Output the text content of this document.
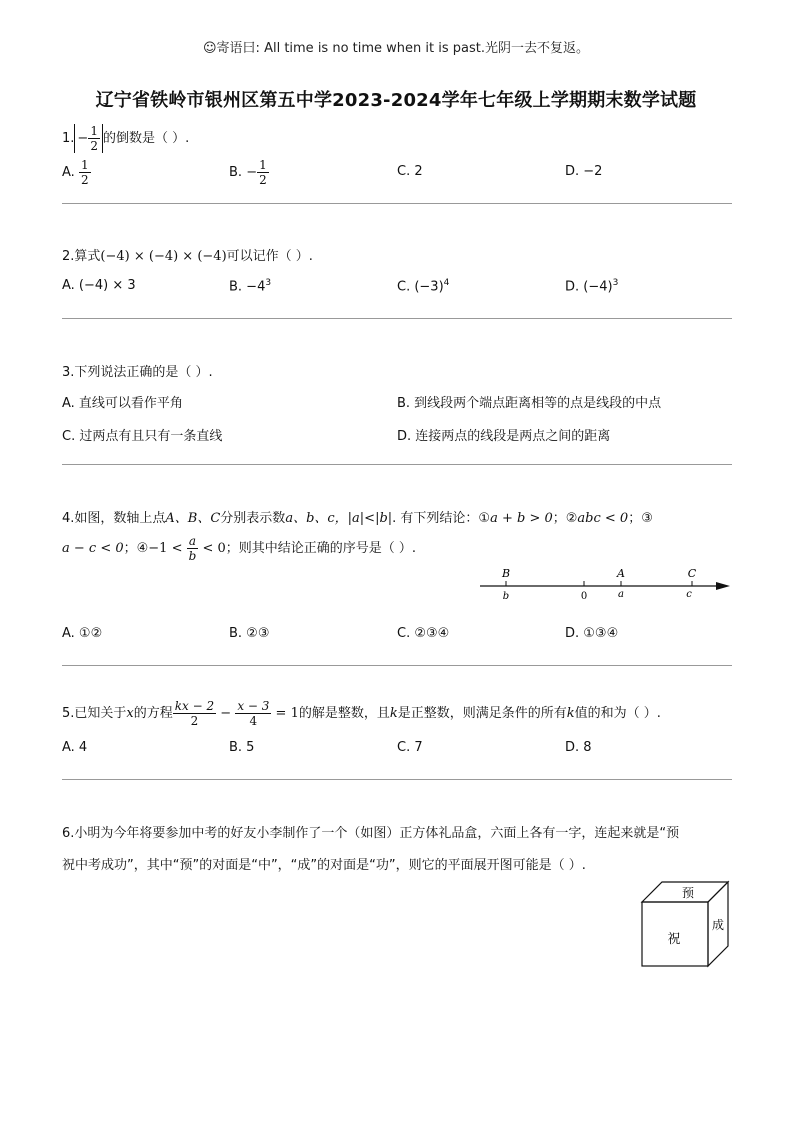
☺寄语曰: All time is no time when it is past.光阴一去不复返。
辽宁省铁岭市银州区第五中学2023-2024学年七年级上学期期末数学试题
1. − $\frac{1}{2}$ 的倒数是（ ）.
A. $\frac{1}{2}$	B. − $\frac{1}{2}$	C. 2	D. −2
2.算式(−4) × (−4) × (−4)可以记作（ ）.
A. (−4) × 3	B. $-4^3$	C. $(-3)^4$	D. $(-4)^3$
3.下列说法正确的是（ ）.
A. 直线可以看作平角	B. 到线段两个端点距离相等的点是线段的中点
C. 过两点有且只有一条直线	D. 连接两点的线段是两点之间的距离
4.如图，数轴上点A、B、C分别表示数a、b、c，|a|<|b|. 有下列结论：①a + b > 0；②abc < 0；③
a − c < 0；④−1 < $\frac{a}{b} < 0$；则其中结论正确的序号是（ ）.
B
b	0
A
a
C
c
A. ①②	B. ②③	C. ②③④	D. ①③④
5.已知关于x的方程 $\frac{kx - 2}{2} - \frac{x - 3}{4} = 1$的解是整数，且k是正整数，则满足条件的所有k值的和为（ ）.
A. 4	B. 5	C. 7	D. 8
6.小明为今年将要参加中考的好友小李制作了一个（如图）正方体礼品盒，六面上各有一字，连起来就是“预
祝中考成功”，其中“预”的对面是“中”，“成”的对面是“功”，则它的平面展开图可能是（ ）.
预
祝
成
